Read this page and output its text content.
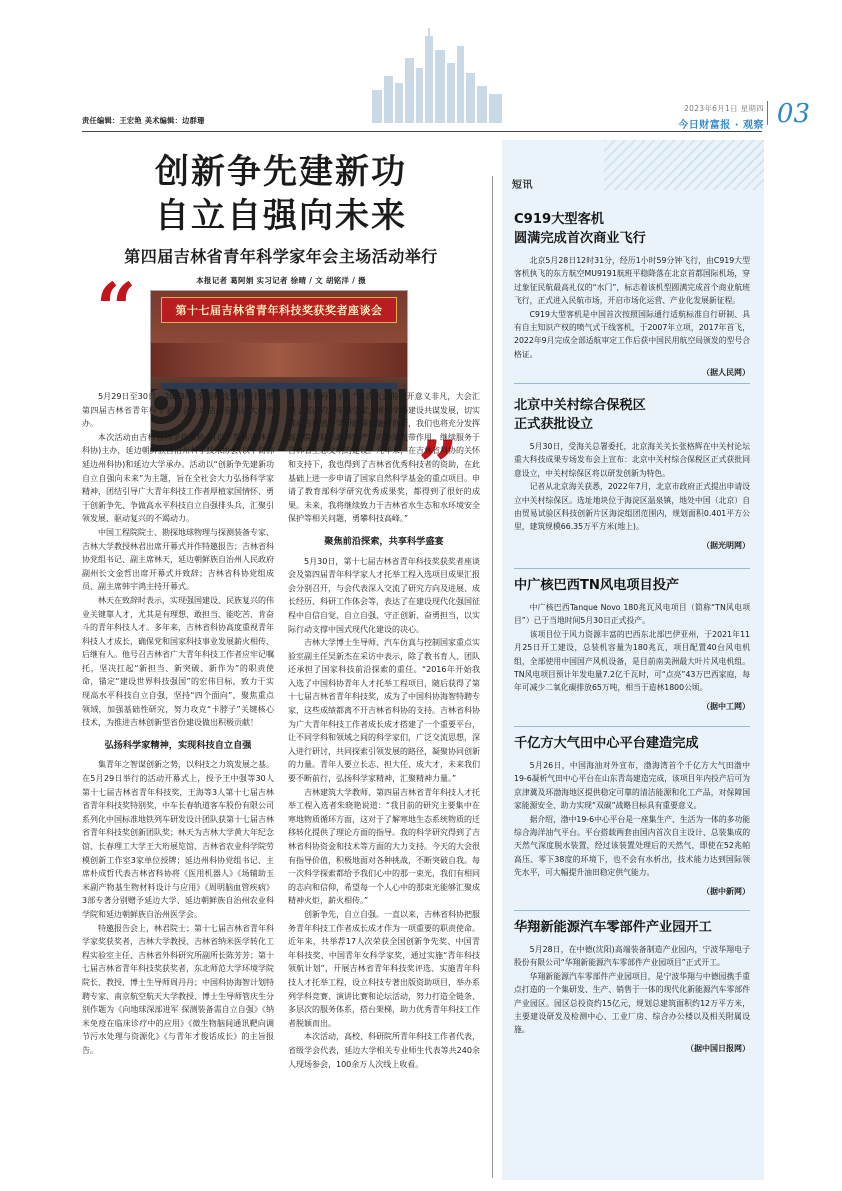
责任编辑：王宏艳 美术编辑：边群珊
2023年6月1日 星期四
今日财富报 · 观察 03
创新争先建新功
自立自强向未来
第四届吉林省青年科学家年会主场活动举行
本报记者 葛阿娟 实习记者 徐晴 / 文 胡铭洋 / 摄
“	第十七届吉林省青年科技奖获奖者座谈会
”

5月29日至30日，2023年“全国科技工作者日”暨第四届吉林省青年科学家年会主场活动在延边大学举办。

本次活动由吉林省科学技术协会(以下简称吉林省科协)主办，延边朝鲜族自治州科学技术协会(以下简称延边州科协)和延边大学承办。活动以“创新争先建新功 自立自强向未来”为主题，旨在全社会大力弘扬科学家精神，团结引导广大青年科技工作者厚植家国情怀、勇于创新争先、争做高水平科技自立自强排头兵，汇聚引领发展、驱动复兴的不竭动力。

中国工程院院士、勘探地球物理与探测装备专家、吉林大学教授林君出席开幕式并作特邀报告；吉林省科协党组书记、副主席林天，延边朝鲜族自治州人民政府副州长文金哲出席开幕式并致辞；吉林省科协党组成员、副主席韩宇鸿主持开幕式。

林天在致辞时表示，实现强国建设、民族复兴的伟业关键靠人才，尤其是有理想、敢担当、能吃苦、肯奋斗的青年科技人才。多年来，吉林省科协高度重视青年科技人才成长，确保党和国家科技事业发展薪火相传、后继有人。他号召吉林省广大青年科技工作者应牢记嘱托，坚决扛起“新担当、新突破、新作为”的职责使命，锚定“建设世界科技强国”的宏伟目标，致力于实现高水平科技自立自强，坚持“四个面向”，聚焦重点领域，加强基础性研究，努力攻克“卡脖子”关键核心技术，为推进吉林创新型省份建设做出积极贡献！

弘扬科学家精神，实现科技自立自强

集青年之智谋创新之势，以科技之力筑发展之基。在5月29日举行的活动开幕式上，授予王中强等30人第十七届吉林省青年科技奖，王海等3人第十七届吉林省青年科技奖特别奖，中车长春轨道客车股份有限公司系列化中国标准地铁列车研发设计团队获第十七届吉林省青年科技奖创新团队奖；林天为吉林大学黄大年纪念馆、长春理工大学王大珩展览馆、吉林省农业科学院劳模创新工作室3家单位授牌；延边州科协党组书记、主席朴成哲代表吉林省科协将《医用机器人》《场辅助玉米副产物基生物材料设计与应用》《周明脑血管疾病》3部专著分别赠予延边大学、延边朝鲜族自治州农业科学院和延边朝鲜族自治州医学会。

特邀报告会上，林君院士；第十七届吉林省青年科学家奖获奖者，吉林大学教授、吉林省纳米医学转化工程实验室主任、吉林省外科研究所副所长陈芳芳；第十七届吉林省青年科技奖获奖者，东北师范大学环境学院院长、教授、博士生导师周丹丹；中国科协海智计划特聘专家、南京航空航天大学教授、博士生导师管庆生分别作题为《向地球深部进军 探测装备需自立自强》《纳米免疫在临床诊疗中的应用》《微生物脑间通讯靶向调节污水处理与资源化》《与青年才俊话成长》的主旨报告。

周丹丹表示，“本次大会的召开意义非凡，大会汇聚了省内的青年科学家，围绕学科建设共谋发展，切实推动吉林省产学研政深度融合创新，我们也将充分发挥高等院校联系政界和产界的桥梁纽带作用，继续服务于吉林省生态文明的建设。几年来，在吉林省科协的关怀和支持下，我也得到了吉林省优秀科技者的资助，在此基础上进一步申请了国家自然科学基金的重点项目。申请了教育部科学研究优秀成果奖，都得到了很好的成果。未来，我将继续致力于吉林省水生态和水环境安全保护等相关问题，勇攀科技高峰。”

聚焦前沿探索，共享科学盛宴

5月30日，第十七届吉林省青年科技奖获奖者座谈会及第四届青年科学家人才托举工程入选项目成果汇报会分别召开，与会代表深入交流了研究方向及进展、成长经历、科研工作体会等，表达了在建设现代化强国征程中自信自觉、自立自强、守正创新、奋勇担当，以实际行动支撑中国式现代化建设的决心。

吉林大学博士生导师、汽车仿真与控制国家重点实验室副主任吴新杰在采访中表示，除了教书育人、团队还承担了国家科技前沿探索的重任。“2016年开始我入选了中国科协青年人才托举工程项目，随后获得了第十七届吉林省青年科技奖，成为了中国科协海智特聘专家，这些成绩都离不开吉林省科协的支持。吉林省科协为广大青年科技工作者成长成才搭建了一个重要平台，让不同学科和领域之间的科学家们，广泛交流思想，深入进行研讨，共同探索引领发展的路径，凝聚协同创新的力量。青年人要立长志、担大任、成大才，未来我们要不断前行，弘扬科学家精神，汇聚精神力量。”

吉林建筑大学教师、第四届吉林省青年科技人才托举工程入选者朱晓艳说道：“我目前的研究主要集中在寒地物质循环方面，这对于了解寒地生态系统物质的迁移转化提供了理论方面的指导。我的科学研究得到了吉林省科协资金和技术等方面的大力支持。今天的大会很有指导价值，积极地面对各种挑战，不断突破自我。每一次科学探索都给予我们心中的那一束光，我们有相同的志向和信仰，希望每一个人心中的那束光能够汇聚成精神火炬，薪火相传。”

创新争先，自立自强。一直以来，吉林省科协把服务青年科技工作者成长成才作为一项重要的职责使命。近年来，共举荐17人次荣获全国创新争先奖、中国青年科技奖、中国青年女科学家奖，通过实施“青年科技领航计划”，开展吉林省青年科技奖评选、实施青年科技人才托举工程，设立科技专著出版资助项目，举办系列学科竞赛、演讲比赛和论坛活动，努力打造全链条、多层次的服务体系，搭台架梯，助力优秀青年科技工作者脱颖而出。

本次活动，高校、科研院所青年科技工作者代表，省级学会代表，延边大学相关专业师生代表等共240余人现场参会，100余万人次线上收看。

短讯
C919大型客机
圆满完成首次商业飞行

北京5月28日12时31分，经历1小时59分钟飞行，由C919大型客机执飞的东方航空MU9191航班平稳降落在北京首都国际机场，穿过象征民航最高礼仪的“水门”，标志着该机型圆满完成首个商业航班飞行，正式进入民航市场，开启市场化运营、产业化发展新征程。

C919大型客机是中国首次按照国际通行适航标准自行研制、具有自主知识产权的喷气式干线客机，于2007年立项，2017年首飞，2022年9月完成全部适航审定工作后获中国民用航空局颁发的型号合格证。

（据人民网）
北京中关村综合保税区
正式获批设立

5月30日，受海关总署委托，北京海关关长张格辉在中关村论坛重大科技成果专场发布会上宣布：北京中关村综合保税区正式获批同意设立，中关村综保区将以研发创新为特色。

记者从北京海关获悉，2022年7月，北京市政府正式提出申请设立中关村综保区。选址地块位于海淀区温泉镇，地处中国（北京）自由贸易试验区科技创新片区海淀组团范围内，规划面积0.401平方公里，建筑规模66.35万平方米(地上)。

（据光明网）
中广核巴西TN风电项目投产

中广核巴西Tanque Novo 180兆瓦风电项目（简称“TN风电项目”）已于当地时间5月30日正式投产。

该项目位于风力资源丰富的巴西东北部巴伊亚州，于2021年11月25日开工建设，总装机容量为180兆瓦，项目配置40台风电机组，全部使用中国国产风机设备，是目前南美洲最大叶片风电机组。TN风电项目预计年发电量7.2亿千瓦时，可“点亮”43万巴西家庭，每年可减少二氧化碳排放65万吨，相当于造林1800公顷。

（据中工网）
千亿方大气田中心平台建造完成

5月26日，中国海油对外宣布，渤海湾首个千亿方大气田渤中19-6凝析气田中心平台在山东青岛建造完成，该项目年内投产后可为京津冀及环渤海地区提供稳定可靠的清洁能源和化工产品，对保障国家能源安全、助力实现“双碳”战略目标具有重要意义。

据介绍，渤中19-6中心平台是一座集生产、生活为一体的多功能综合海洋油气平台。平台搭载两套由国内首次自主设计、总装集成的天然气深度脱水装置，经过该装置处理后的天然气，即使在52兆帕高压、零下38度的环境下，也不会有水析出，技术能力达到国际领先水平，可大幅提升油田稳定供气能力。

（据中新网）
华翔新能源汽车零部件产业园开工

5月28日，在中德(沈阳)高端装备制造产业园内，宁波华翔电子股份有限公司“华翔新能源汽车零部件产业园项目”正式开工。

华翔新能源汽车零部件产业园项目，是宁波华翔与中德园携手重点打造的一个集研发、生产、销售于一体的现代化新能源汽车零部件产业园区。园区总投资约15亿元，规划总建筑面积约12万平方米，主要建设研发及检测中心、工业厂房、综合办公楼以及相关附属设施。

（据中国日报网）
